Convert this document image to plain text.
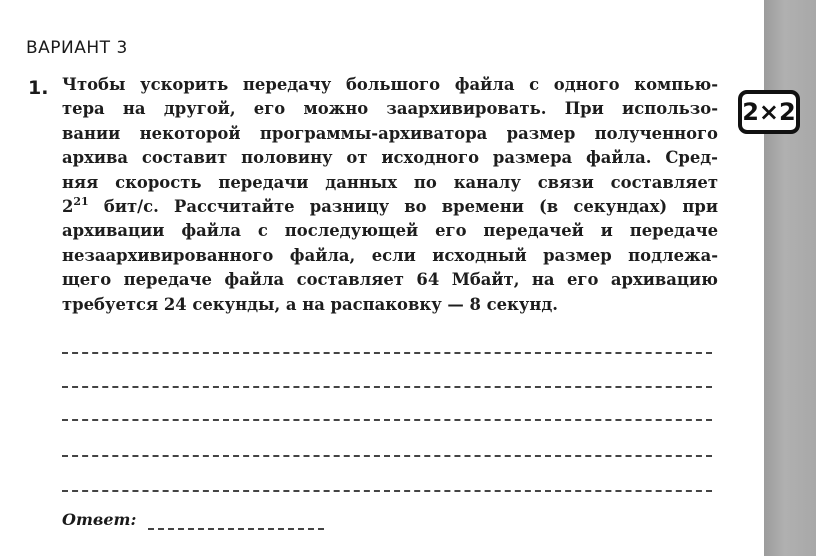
2×2
ВАРИАНТ 3
1. Чтобы ускорить передачу большого файла с одного компью-
тера на другой, его можно заархивировать. При использо-
вании некоторой программы-архиватора размер полученного
архива составит половину от исходного размера файла. Сред-
няя скорость передачи данных по каналу связи составляет
$2^{21}$ бит/с. Рассчитайте разницу во времени (в секундах) при
архивации файла с последующей его передачей и передаче
незаархивированного файла, если исходный размер подлежа-
щего передаче файла составляет 64 Мбайт, на его архивацию
требуется 24 секунды, а на распаковку — 8 секунд.
Ответ:
